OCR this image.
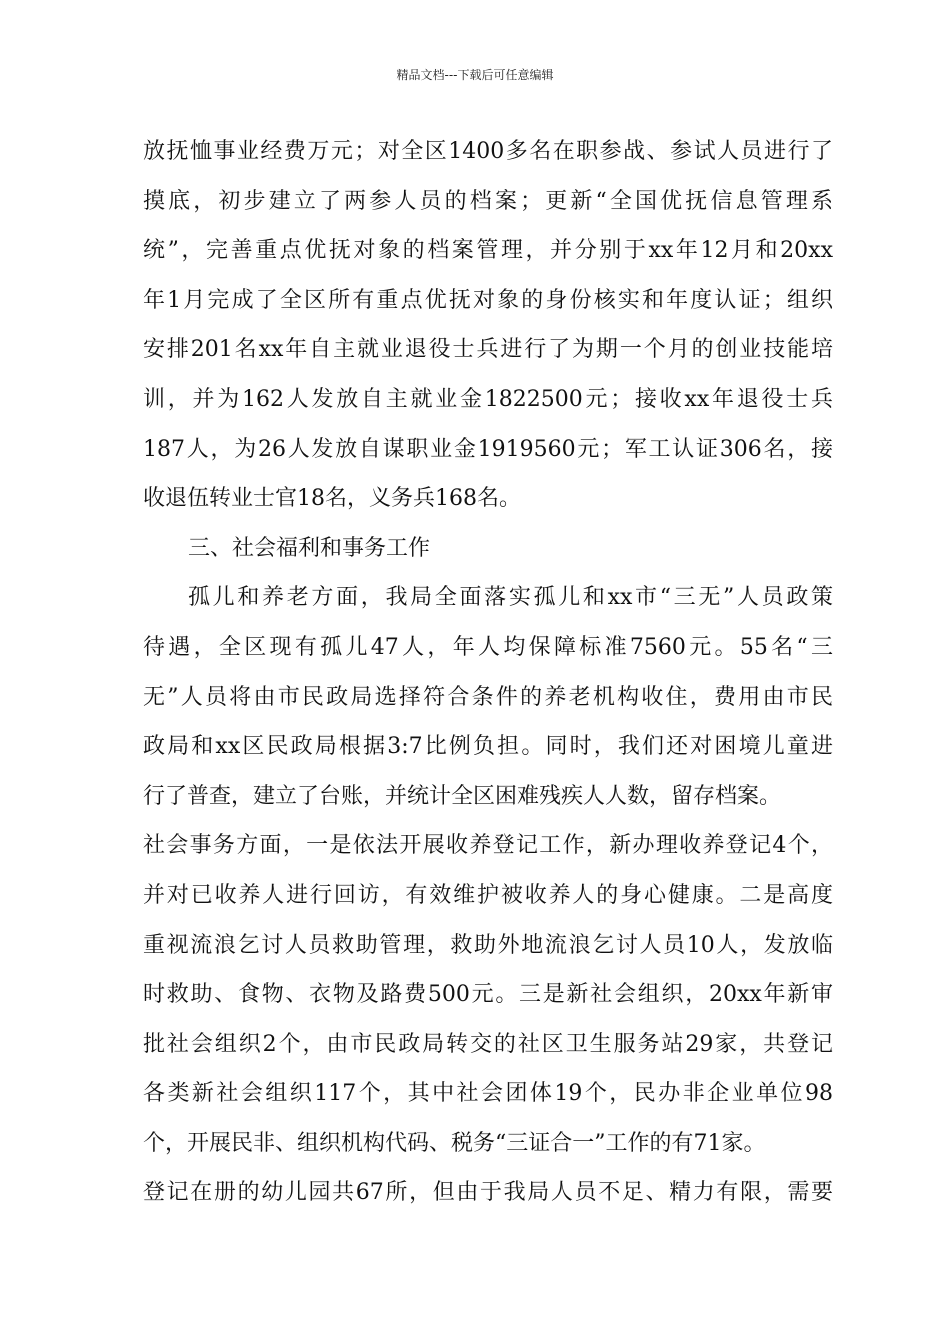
精品文档---下载后可任意编辑
放抚恤事业经费万元；对全区1400多名在职参战、参试人员进行了
摸底，初步建立了两参人员的档案；更新“全国优抚信息管理系
统”，完善重点优抚对象的档案管理，并分别于xx年12月和20xx
年1月完成了全区所有重点优抚对象的身份核实和年度认证；组织
安排201名xx年自主就业退役士兵进行了为期一个月的创业技能培
训，并为162人发放自主就业金1822500元；接收xx年退役士兵
187人，为26人发放自谋职业金1919560元；军工认证306名，接
收退伍转业士官18名，义务兵168名。
三、社会福利和事务工作
孤儿和养老方面，我局全面落实孤儿和xx市“三无”人员政策
待遇，全区现有孤儿47人，年人均保障标准7560元。55名“三
无”人员将由市民政局选择符合条件的养老机构收住，费用由市民
政局和xx区民政局根据3:7比例负担。同时，我们还对困境儿童进
行了普查，建立了台账，并统计全区困难残疾人人数，留存档案。
社会事务方面，一是依法开展收养登记工作，新办理收养登记4个，
并对已收养人进行回访，有效维护被收养人的身心健康。二是高度
重视流浪乞讨人员救助管理，救助外地流浪乞讨人员10人，发放临
时救助、食物、衣物及路费500元。三是新社会组织，20xx年新审
批社会组织2个，由市民政局转交的社区卫生服务站29家，共登记
各类新社会组织117个，其中社会团体19个，民办非企业单位98
个，开展民非、组织机构代码、税务“三证合一”工作的有71家。
登记在册的幼儿园共67所，但由于我局人员不足、精力有限，需要
